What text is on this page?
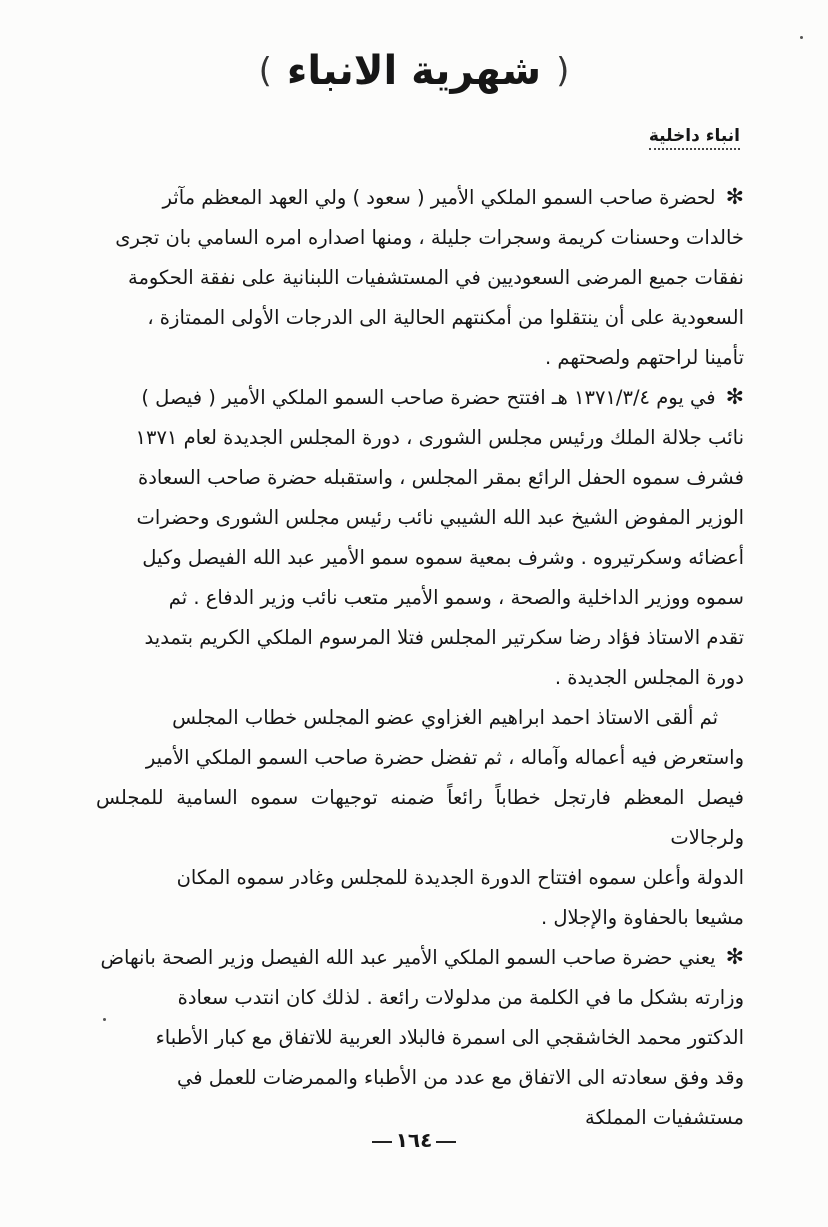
( شهرية الانباء )
انباء داخلية

✻لحضرة صاحب السمو الملكي الأمير ( سعود ) ولي العهد المعظم مآثر
خالدات وحسنات كريمة وسجرات جليلة ، ومنها اصداره امره السامي بان تجرى
نفقات جميع المرضى السعوديين في المستشفيات اللبنانية على نفقة الحكومة
السعودية على أن ينتقلوا من أمكنتهم الحالية الى الدرجات الأولى الممتازة ،
تأمينا لراحتهم ولصحتهم .

✻في يوم ١٣٧١/٣/٤ هـ افتتح حضرة صاحب السمو الملكي الأمير ( فيصل )
نائب جلالة الملك ورئيس مجلس الشورى ، دورة المجلس الجديدة لعام ١٣٧١
فشرف سموه الحفل الرائع بمقر المجلس ، واستقبله حضرة صاحب السعادة
الوزير المفوض الشيخ عبد الله الشيبي نائب رئيس مجلس الشورى وحضرات
أعضائه وسكرتيروه . وشرف بمعية سموه سمو الأمير عبد الله الفيصل وكيل
سموه ووزير الداخلية والصحة ، وسمو الأمير متعب نائب وزير الدفاع . ثم
تقدم الاستاذ فؤاد رضا سكرتير المجلس فتلا المرسوم الملكي الكريم بتمديد
دورة المجلس الجديدة .

ثم ألقى الاستاذ احمد ابراهيم الغزاوي عضو المجلس خطاب المجلس
واستعرض فيه أعماله وآماله ، ثم تفضل حضرة صاحب السمو الملكي الأمير
فيصل المعظم فارتجل خطاباً رائعاً ضمنه توجيهات سموه السامية للمجلس ولرجالات
الدولة وأعلن سموه افتتاح الدورة الجديدة للمجلس وغادر سموه المكان
مشيعا بالحفاوة والإجلال .

✻يعني حضرة صاحب السمو الملكي الأمير عبد الله الفيصل وزير الصحة بانهاض
وزارته بشكل ما في الكلمة من مدلولات رائعة . لذلك كان انتدب سعادة
الدكتور محمد الخاشقجي الى اسمرة فالبلاد العربية للاتفاق مع كبار الأطباء
وقد وفق سعادته الى الاتفاق مع عدد من الأطباء والممرضات للعمل في
مستشفيات المملكة

١٦٤
